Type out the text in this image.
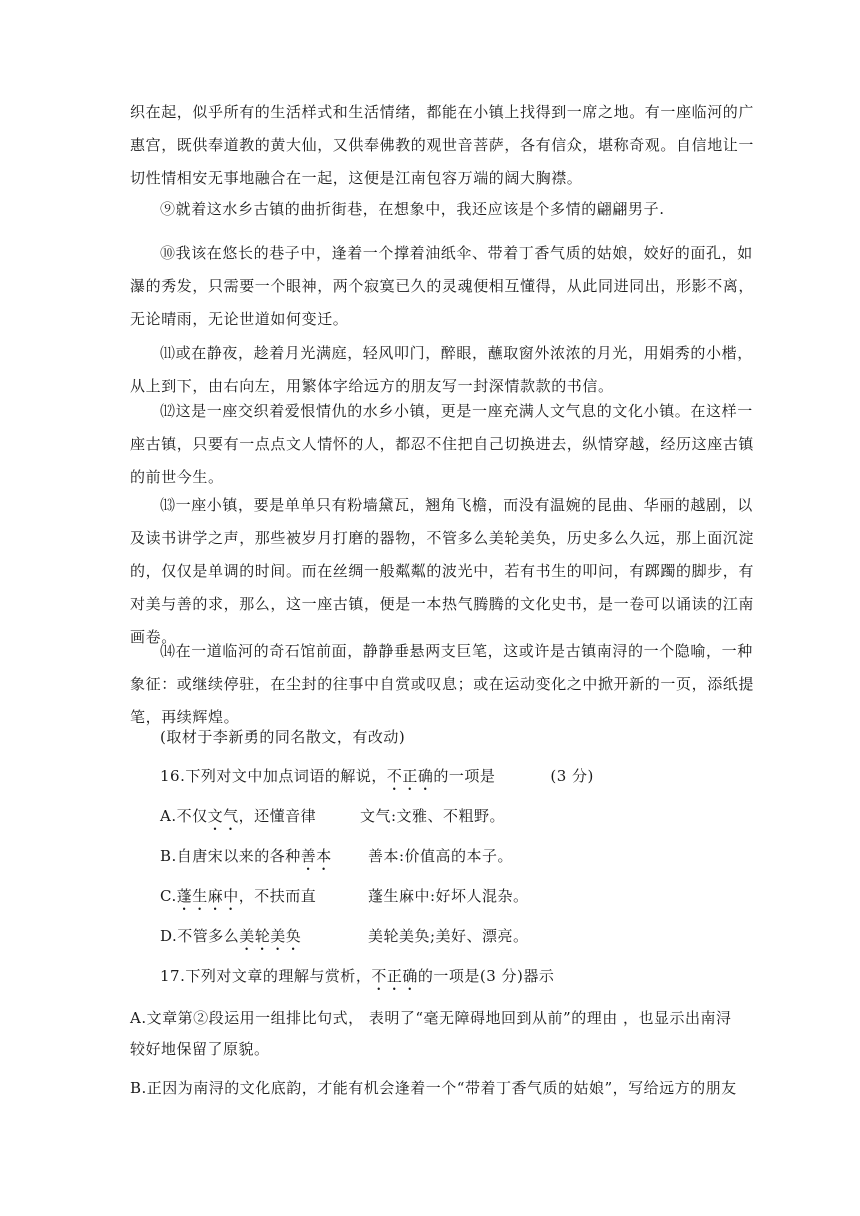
织在起，似乎所有的生活样式和生活情绪，都能在小镇上找得到一席之地。有一座临河的广
惠宫，既供奉道教的黄大仙，又供奉佛教的观世音菩萨，各有信众，堪称奇观。自信地让一
切性情相安无事地融合在一起，这便是江南包容万端的阔大胸襟。

⑨就着这水乡古镇的曲折街巷，在想象中，我还应该是个多情的翩翩男子.

⑩我该在悠长的巷子中，逢着一个撑着油纸伞、带着丁香气质的姑娘，姣好的面孔，如
瀑的秀发，只需要一个眼神，两个寂寞已久的灵魂便相互懂得，从此同进同出，形影不离，
无论晴雨，无论世道如何变迁。

⑾或在静夜，趁着月光满庭，轻风叩门，醉眼，蘸取窗外浓浓的月光，用娟秀的小楷，
从上到下，由右向左，用繁体字给远方的朋友写一封深情款款的书信。

⑿这是一座交织着爱恨情仇的水乡小镇，更是一座充满人文气息的文化小镇。在这样一
座古镇，只要有一点点文人情怀的人，都忍不住把自己切换进去，纵情穿越，经历这座古镇
的前世今生。

⒀一座小镇，要是单单只有粉墙黛瓦，翘角飞檐，而没有温婉的昆曲、华丽的越剧，以
及读书讲学之声，那些被岁月打磨的器物，不管多么美轮美奂，历史多么久远，那上面沉淀
的，仅仅是单调的时间。而在丝绸一般粼粼的波光中，若有书生的叩问，有踯躅的脚步，有
对美与善的求，那么，这一座古镇，便是一本热气腾腾的文化史书，是一卷可以诵读的江南
画卷。

⒁在一道临河的奇石馆前面，静静垂悬两支巨笔，这或许是古镇南浔的一个隐喻，一种
象征：或继续停驻，在尘封的往事中自赏或叹息；或在运动变化之中掀开新的一页，添纸提
笔，再续辉煌。

(取材于李新勇的同名散文，有改动)
16.下列对文中加点词语的解说，不正确的一项是	(3 分)
A.不仅文气，还懂音律	文气:文雅、不粗野。
B.自唐宋以来的各种善本 善本:价值高的本子。
C.蓬生麻中，不扶而直	蓬生麻中:好坏人混杂。
D.不管多么美轮美奂	美轮美奂;美好、漂亮。
17.下列对文章的理解与赏析，不正确的一项是(3 分)器示
A.文章第②段运用一组排比句式， 表明了“毫无障碍地回到从前”的理由 ，也显示出南浔
较好地保留了原貌。
B.正因为南浔的文化底韵，才能有机会逢着一个“带着丁香气质的姑娘”，写给远方的朋友
